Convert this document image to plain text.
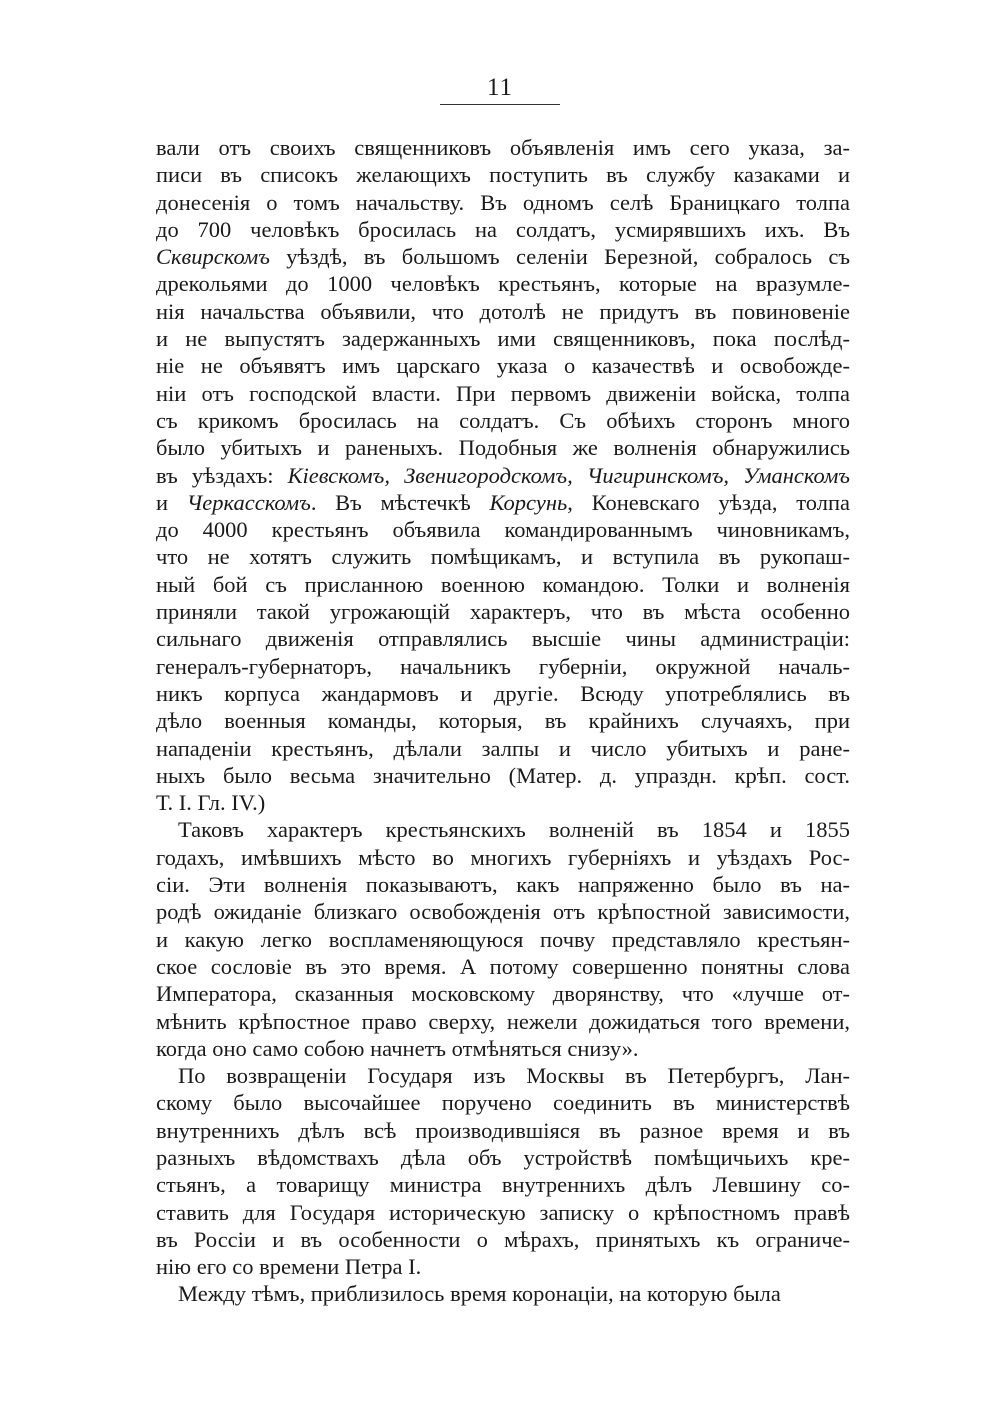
11
вали отъ своихъ священниковъ объявленія имъ сего указа, за-
писи въ списокъ желающихъ поступить въ службу казаками и
донесенія о томъ начальству. Въ одномъ селѣ Браницкаго толпа
до 700 человѣкъ бросилась на солдатъ, усмирявшихъ ихъ. Въ
Сквирскомъ уѣздѣ, въ большомъ селеніи Березной, собралось съ
дрекольями до 1000 человѣкъ крестьянъ, которые на вразумле-
нія начальства объявили, что дотолѣ не придутъ въ повиновеніе
и не выпустятъ задержанныхъ ими священниковъ, пока послѣд-
ніе не объявятъ имъ царскаго указа о казачествѣ и освобожде-
ніи отъ господской власти. При первомъ движеніи войска, толпа
съ крикомъ бросилась на солдатъ. Съ обѣихъ сторонъ много
было убитыхъ и раненыхъ. Подобныя же волненія обнаружились
въ уѣздахъ: Кіевскомъ, Звенигородскомъ, Чигиринскомъ, Уманскомъ
и Черкасскомъ. Въ мѣстечкѣ Корсунь, Коневскаго уѣзда, толпа
до 4000 крестьянъ объявила командированнымъ чиновникамъ,
что не хотятъ служить помѣщикамъ, и вступила въ рукопаш-
ный бой съ присланною военною командою. Толки и волненія
приняли такой угрожающій характеръ, что въ мѣста особенно
сильнаго движенія отправлялись высшіе чины администраціи:
генералъ-губернаторъ, начальникъ губерніи, окружной началь-
никъ корпуса жандармовъ и другіе. Всюду употреблялись въ
дѣло военныя команды, которыя, въ крайнихъ случаяхъ, при
нападеніи крестьянъ, дѣлали залпы и число убитыхъ и ране-
ныхъ было весьма значительно (Матер. д. упраздн. крѣп. сост.
Т. I. Гл. IV.)
Таковъ характеръ крестьянскихъ волненій въ 1854 и 1855
годахъ, имѣвшихъ мѣсто во многихъ губерніяхъ и уѣздахъ Рос-
сіи. Эти волненія показываютъ, какъ напряженно было въ на-
родѣ ожиданіе близкаго освобожденія отъ крѣпостной зависимости,
и какую легко воспламеняющуюся почву представляло крестьян-
ское сословіе въ это время. А потому совершенно понятны слова
Императора, сказанныя московскому дворянству, что «лучше от-
мѣнить крѣпостное право сверху, нежели дожидаться того времени,
когда оно само собою начнетъ отмѣняться снизу».
По возвращеніи Государя изъ Москвы въ Петербургъ, Лан-
скому было высочайшее поручено соединить въ министерствѣ
внутреннихъ дѣлъ всѣ производившіяся въ разное время и въ
разныхъ вѣдомствахъ дѣла объ устройствѣ помѣщичьихъ кре-
стьянъ, а товарищу министра внутреннихъ дѣлъ Левшину со-
ставить для Государя историческую записку о крѣпостномъ правѣ
въ Россіи и въ особенности о мѣрахъ, принятыхъ къ ограниче-
нію его со времени Петра I.
Между тѣмъ, приблизилось время коронаціи, на которую была
